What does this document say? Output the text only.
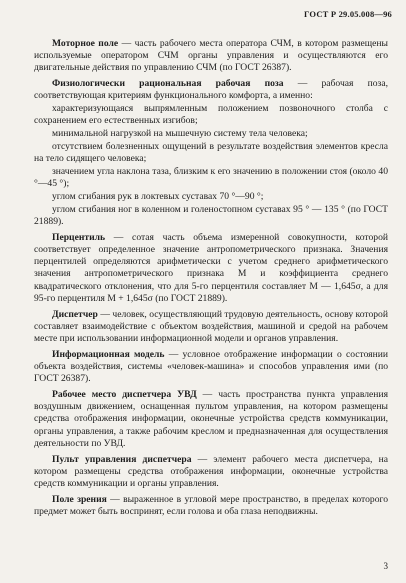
ГОСТ Р 29.05.008—96

Моторное поле — часть рабочего места оператора СЧМ, в котором размещены используемые оператором СЧМ органы управления и осуществляются его двигательные действия по управлению СЧМ (по ГОСТ 26387).

Физиологически рациональная рабочая поза — рабочая поза, соответствующая критериям функционального комфорта, а именно:

характеризующаяся выпрямленным положением позвоночного столба с сохранением его естественных изгибов;

минимальной нагрузкой на мышечную систему тела человека;

отсутствием болезненных ощущений в результате воздействия элементов кресла на тело сидящего человека;

значением угла наклона таза, близким к его значению в положении стоя (около 40 °—45 °);

углом сгибания рук в локтевых суставах 70 °—90 °;

углом сгибания ног в коленном и голеностопном суставах 95 ° — 135 ° (по ГОСТ 21889).

Перцентиль — сотая часть объема измеренной совокупности, которой соответствует определенное значение антропометрического признака. Значения перцентилей определяются арифметически с учетом среднего арифметического значения антропометрического признака М и коэффициента среднего квадратического отклонения, что для 5-го перцентиля составляет М — 1,645σ, а для 95-го перцентиля М + 1,645σ (по ГОСТ 21889).

Диспетчер — человек, осуществляющий трудовую деятельность, основу которой составляет взаимодействие с объектом воздействия, машиной и средой на рабочем месте при использовании информационной модели и органов управления.

Информационная модель — условное отображение информации о состоянии объекта воздействия, системы «человек-машина» и способов управления ими (по ГОСТ 26387).

Рабочее место диспетчера УВД — часть пространства пункта управления воздушным движением, оснащенная пультом управления, на котором размещены средства отображения информации, оконечные устройства средств коммуникации, органы управления, а также рабочим креслом и предназначенная для осуществления деятельности по УВД.

Пульт управления диспетчера — элемент рабочего места диспетчера, на котором размещены средства отображения информации, оконечные устройства средств коммуникации и органы управления.

Поле зрения — выраженное в угловой мере пространство, в пределах которого предмет может быть воспринят, если голова и оба глаза неподвижны.

3
